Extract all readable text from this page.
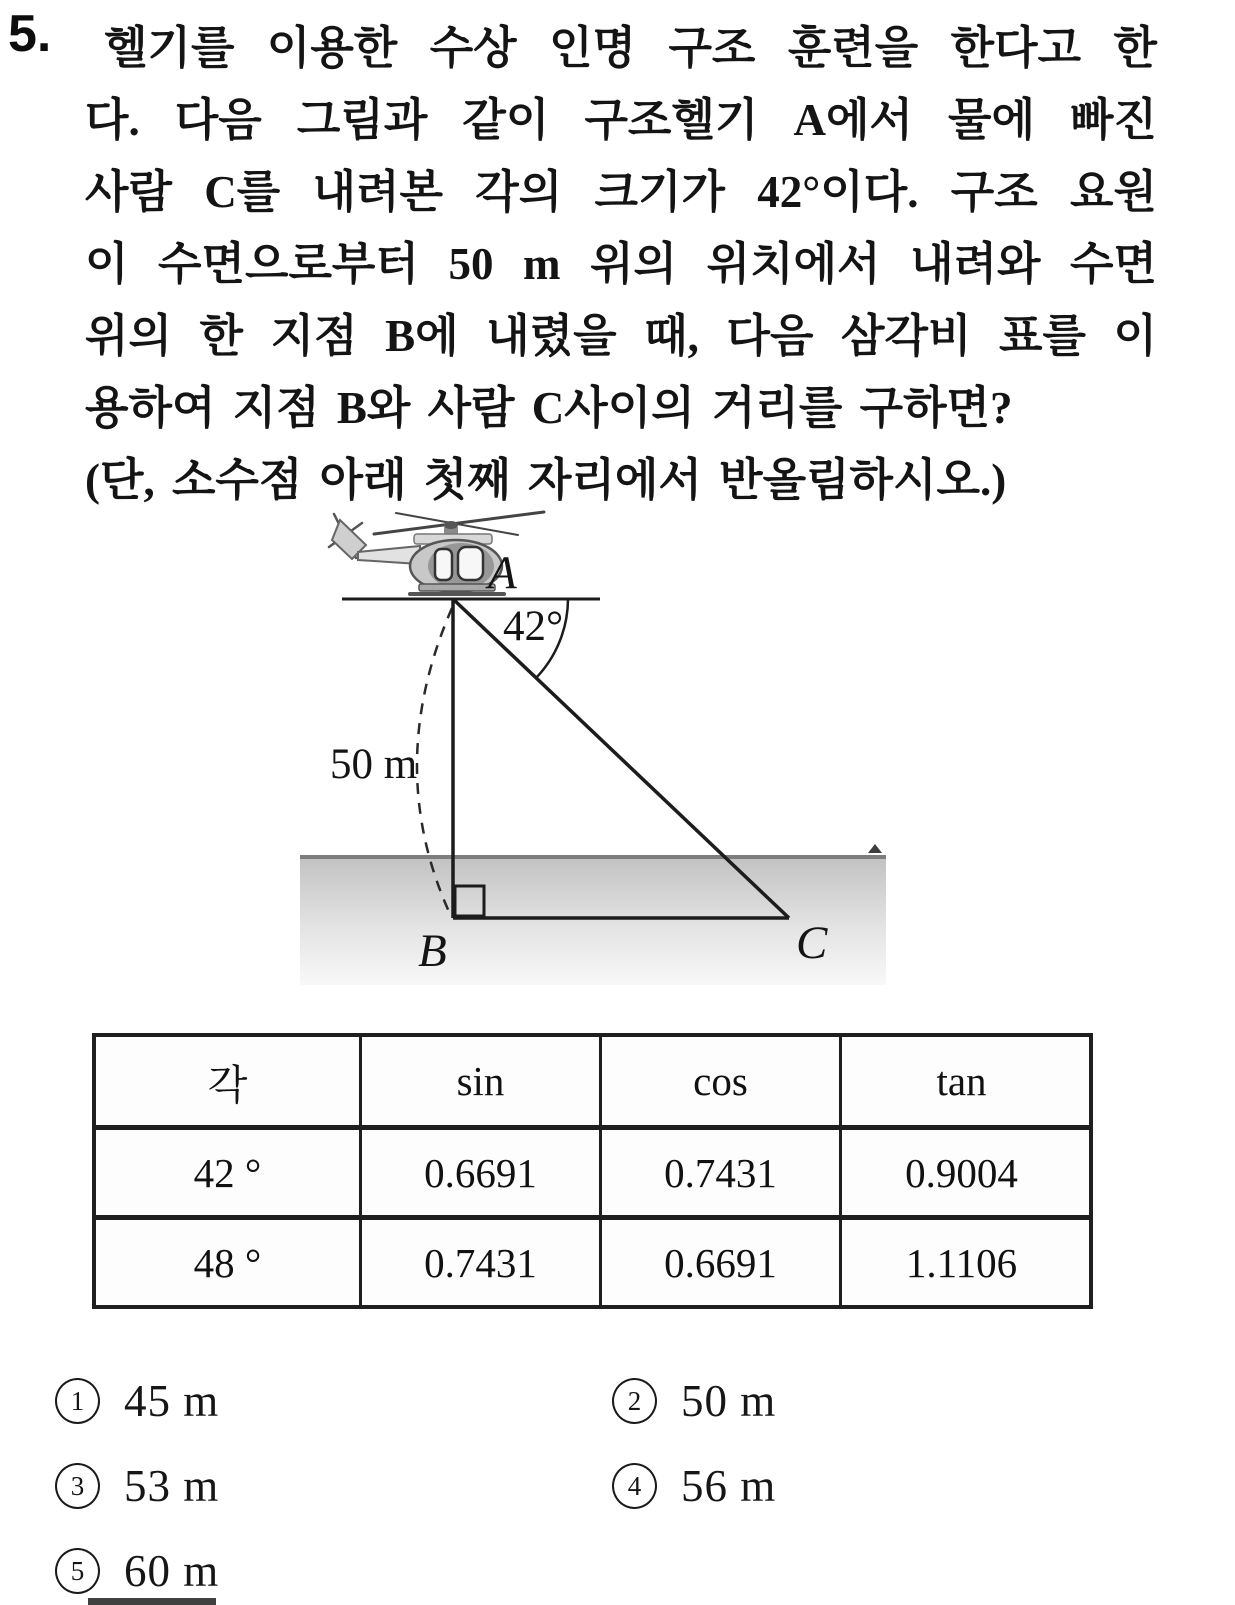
5.	헬기를 이용한 수상 인명 구조 훈련을 한다고 한
다. 다음 그림과 같이 구조헬기 A에서 물에 빠진
사람 C를 내려본 각의 크기가 42°이다. 구조 요원
이 수면으로부터 50 m 위의 위치에서 내려와 수면
위의 한 지점 B에 내렸을 때, 다음 삼각비 표를 이
용하여 지점 B와 사람 C사이의 거리를 구하면?
(단, 소수점 아래 첫째 자리에서 반올림하시오.)
A
42°
50 m
B	C
각	sin	cos	tan
42 °	0.6691	0.7431	0.9004
48 °	0.7431	0.6691	1.1106
1 45 m	2 50 m
3 53 m	4 56 m
5 60 m
